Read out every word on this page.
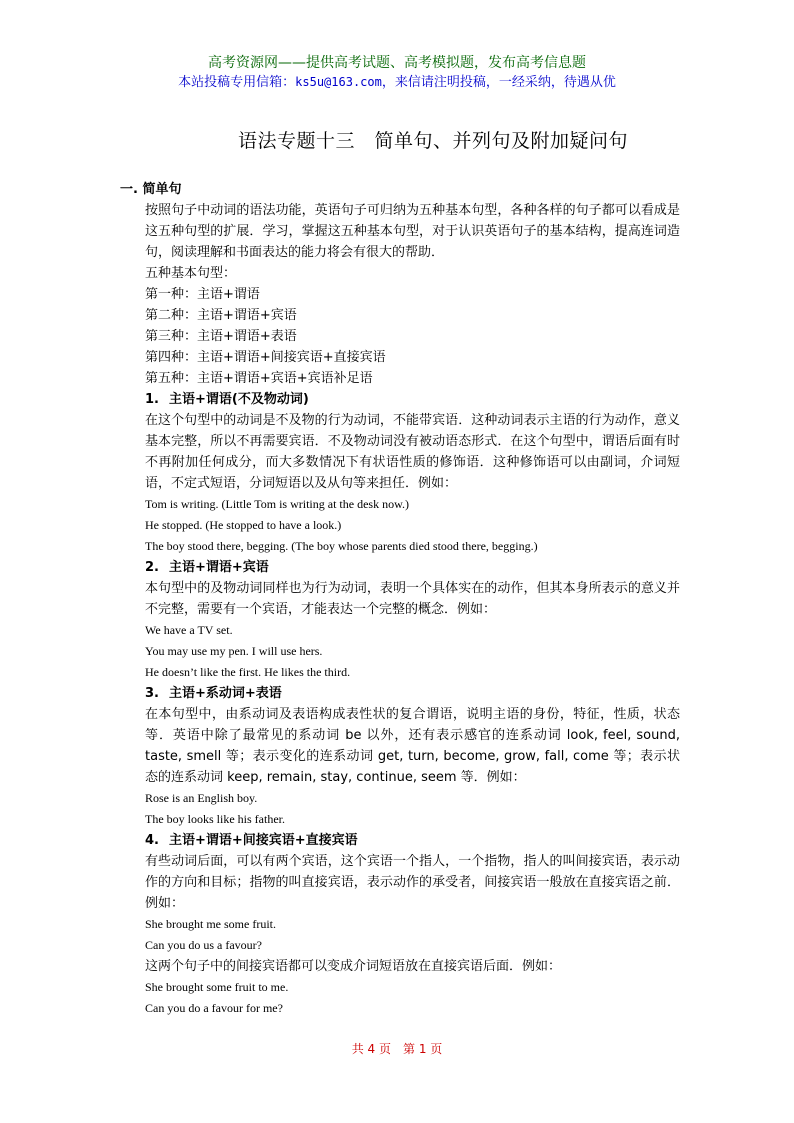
高考资源网——提供高考试题、高考模拟题，发布高考信息题
本站投稿专用信箱：ks5u@163.com，来信请注明投稿，一经采纳，待遇从优
语法专题十三　简单句、并列句及附加疑问句
一. 简单句
按照句子中动词的语法功能，英语句子可归纳为五种基本句型，各种各样的句子都可以看成是这五种句型的扩展．学习，掌握这五种基本句型，对于认识英语句子的基本结构，提高连词造句，阅读理解和书面表达的能力将会有很大的帮助．
五种基本句型：
第一种：主语+谓语
第二种：主语+谓语+宾语
第三种：主语+谓语+表语
第四种：主语+谓语+间接宾语+直接宾语
第五种：主语+谓语+宾语+宾语补足语
1. 主语+谓语(不及物动词)
在这个句型中的动词是不及物的行为动词，不能带宾语．这种动词表示主语的行为动作，意义基本完整，所以不再需要宾语．不及物动词没有被动语态形式．在这个句型中，谓语后面有时不再附加任何成分，而大多数情况下有状语性质的修饰语．这种修饰语可以由副词，介词短语，不定式短语，分词短语以及从句等来担任．例如：
Tom is writing. (Little Tom is writing at the desk now.)
He stopped. (He stopped to have a look.)
The boy stood there, begging. (The boy whose parents died stood there, begging.)
2. 主语+谓语+宾语
本句型中的及物动词同样也为行为动词，表明一个具体实在的动作，但其本身所表示的意义并不完整，需要有一个宾语，才能表达一个完整的概念．例如：
We have a TV set.
You may use my pen. I will use hers.
He doesn’t like the first. He likes the third.
3. 主语+系动词+表语
在本句型中，由系动词及表语构成表性状的复合谓语，说明主语的身份，特征，性质，状态等．英语中除了最常见的系动词 be 以外，还有表示感官的连系动词 look, feel, sound, taste, smell 等；表示变化的连系动词 get, turn, become, grow, fall, come 等；表示状态的连系动词 keep, remain, stay, continue, seem 等．例如：
Rose is an English boy.
The boy looks like his father.
4. 主语+谓语+间接宾语+直接宾语
有些动词后面，可以有两个宾语，这个宾语一个指人，一个指物，指人的叫间接宾语，表示动作的方向和目标；指物的叫直接宾语，表示动作的承受者，间接宾语一般放在直接宾语之前．例如：
She brought me some fruit.
Can you do us a favour?
这两个句子中的间接宾语都可以变成介词短语放在直接宾语后面．例如：
She brought some fruit to me.
Can you do a favour for me?
共 4 页　第 1 页
